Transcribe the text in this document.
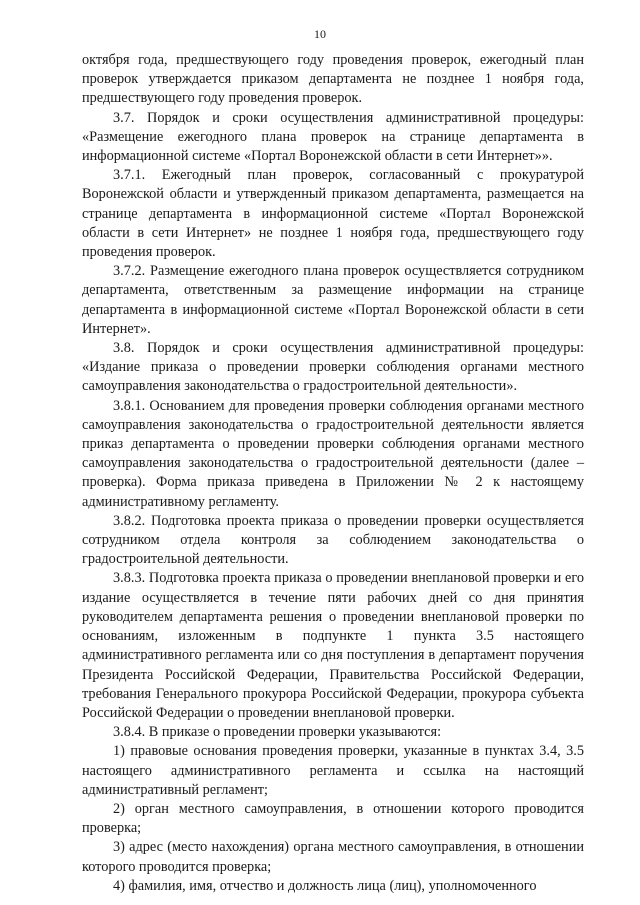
10

октября года, предшествующего году проведения проверок, ежегодный план проверок утверждается приказом департамента не позднее 1 ноября года, предшествующего году проведения проверок.

3.7. Порядок и сроки осуществления административной процедуры: «Размещение ежегодного плана проверок на странице департамента в информационной системе «Портал Воронежской области в сети Интернет»».

3.7.1. Ежегодный план проверок, согласованный с прокуратурой Воронежской области и утвержденный приказом департамента, размещается на странице департамента в информационной системе «Портал Воронежской области в сети Интернет» не позднее 1 ноября года, предшествующего году проведения проверок.

3.7.2. Размещение ежегодного плана проверок осуществляется сотрудником департамента, ответственным за размещение информации на странице департамента в информационной системе «Портал Воронежской области в сети Интернет».

3.8. Порядок и сроки осуществления административной процедуры: «Издание приказа о проведении проверки соблюдения органами местного самоуправления законодательства о градостроительной деятельности».

3.8.1. Основанием для проведения проверки соблюдения органами местного самоуправления законодательства о градостроительной деятельности является приказ департамента о проведении проверки соблюдения органами местного самоуправления законодательства о градостроительной деятельности (далее – проверка). Форма приказа приведена в Приложении № 2 к настоящему административному регламенту.

3.8.2. Подготовка проекта приказа о проведении проверки осуществляется сотрудником отдела контроля за соблюдением законодательства о градостроительной деятельности.

3.8.3. Подготовка проекта приказа о проведении внеплановой проверки и его издание осуществляется в течение пяти рабочих дней со дня принятия руководителем департамента решения о проведении внеплановой проверки по основаниям, изложенным в подпункте 1 пункта 3.5 настоящего административного регламента или со дня поступления в департамент поручения Президента Российской Федерации, Правительства Российской Федерации, требования Генерального прокурора Российской Федерации, прокурора субъекта Российской Федерации о проведении внеплановой проверки.

3.8.4. В приказе о проведении проверки указываются:

1) правовые основания проведения проверки, указанные в пунктах 3.4, 3.5 настоящего административного регламента и ссылка на настоящий административный регламент;

2) орган местного самоуправления, в отношении которого проводится проверка;

3) адрес (место нахождения) органа местного самоуправления, в отношении которого проводится проверка;

4) фамилия, имя, отчество и должность лица (лиц), уполномоченного
